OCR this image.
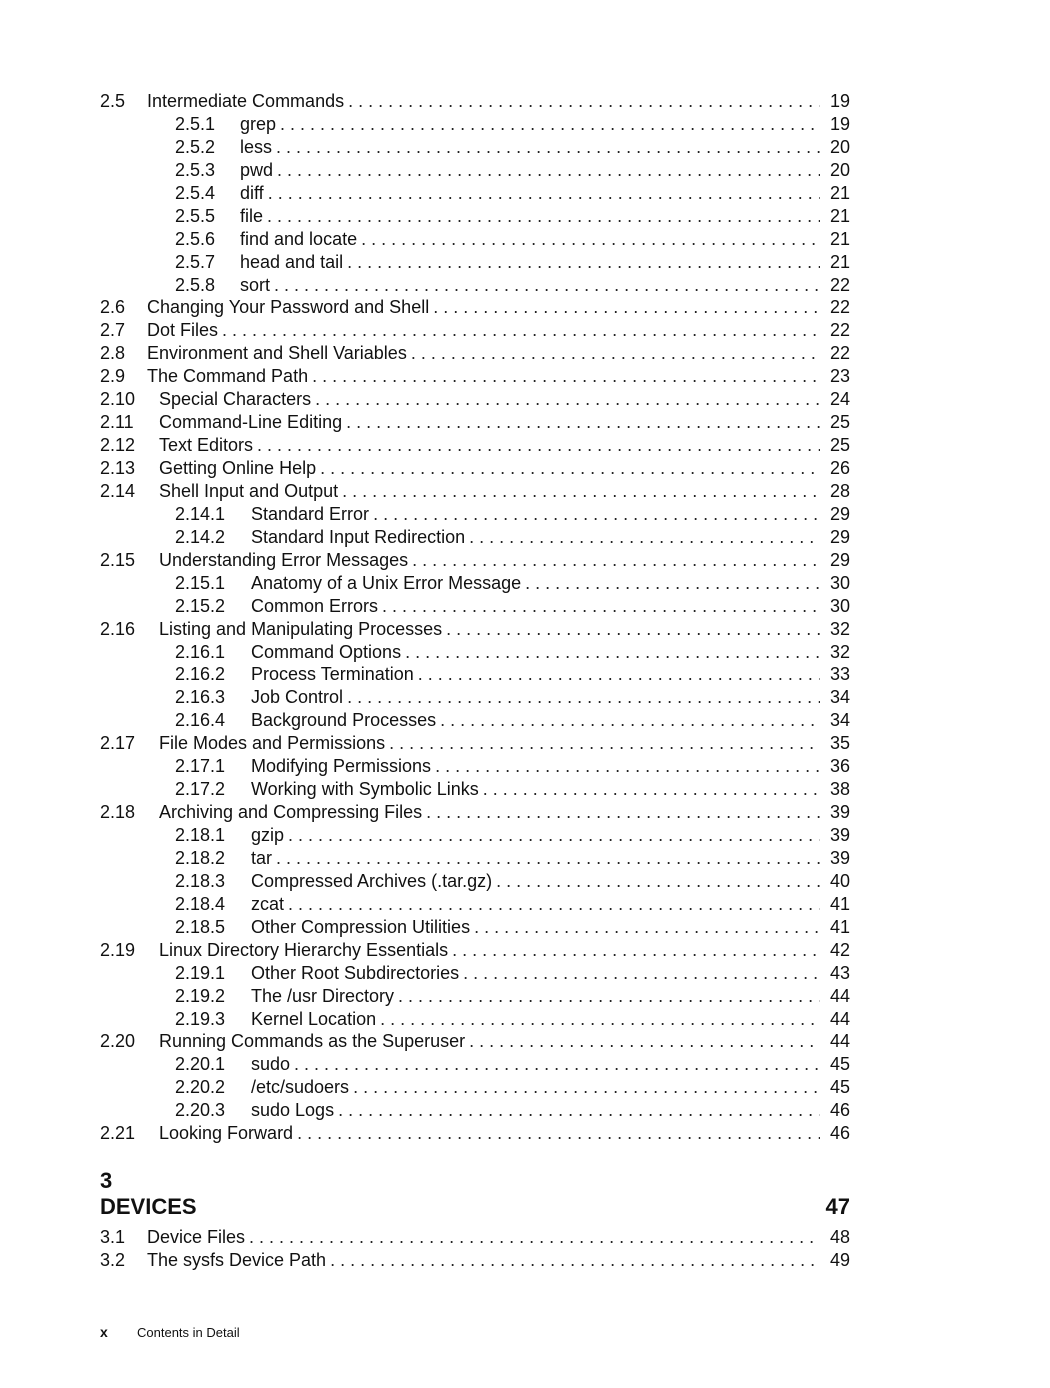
2.5	Intermediate Commands . . .	19
2.5.1	grep . . .	19
2.5.2	less . . .	20
2.5.3	pwd . . .	20
2.5.4	diff . . .	21
2.5.5	file . . .	21
2.5.6	find and locate . . .	21
2.5.7	head and tail . . .	21
2.5.8	sort . . .	22
2.6	Changing Your Password and Shell . . .	22
2.7	Dot Files . . .	22
2.8	Environment and Shell Variables . . .	22
2.9	The Command Path . . .	23
2.10	Special Characters . . .	24
2.11	Command-Line Editing . . .	25
2.12	Text Editors . . .	25
2.13	Getting Online Help . . .	26
2.14	Shell Input and Output . . .	28
2.14.1	Standard Error . . .	29
2.14.2	Standard Input Redirection . . .	29
2.15	Understanding Error Messages . . .	29
2.15.1	Anatomy of a Unix Error Message . . .	30
2.15.2	Common Errors . . .	30
2.16	Listing and Manipulating Processes . . .	32
2.16.1	Command Options . . .	32
2.16.2	Process Termination . . .	33
2.16.3	Job Control . . .	34
2.16.4	Background Processes . . .	34
2.17	File Modes and Permissions . . .	35
2.17.1	Modifying Permissions . . .	36
2.17.2	Working with Symbolic Links . . .	38
2.18	Archiving and Compressing Files . . .	39
2.18.1	gzip . . .	39
2.18.2	tar . . .	39
2.18.3	Compressed Archives (.tar.gz) . . .	40
2.18.4	zcat . . .	41
2.18.5	Other Compression Utilities . . .	41
2.19	Linux Directory Hierarchy Essentials . . .	42
2.19.1	Other Root Subdirectories . . .	43
2.19.2	The /usr Directory . . .	44
2.19.3	Kernel Location . . .	44
2.20	Running Commands as the Superuser . . .	44
2.20.1	sudo . . .	45
2.20.2	/etc/sudoers . . .	45
2.20.3	sudo Logs . . .	46
2.21	Looking Forward . . .	46
3
DEVICES	47
3.1	Device Files . . .	48
3.2	The sysfs Device Path . . .	49
x	Contents in Detail
